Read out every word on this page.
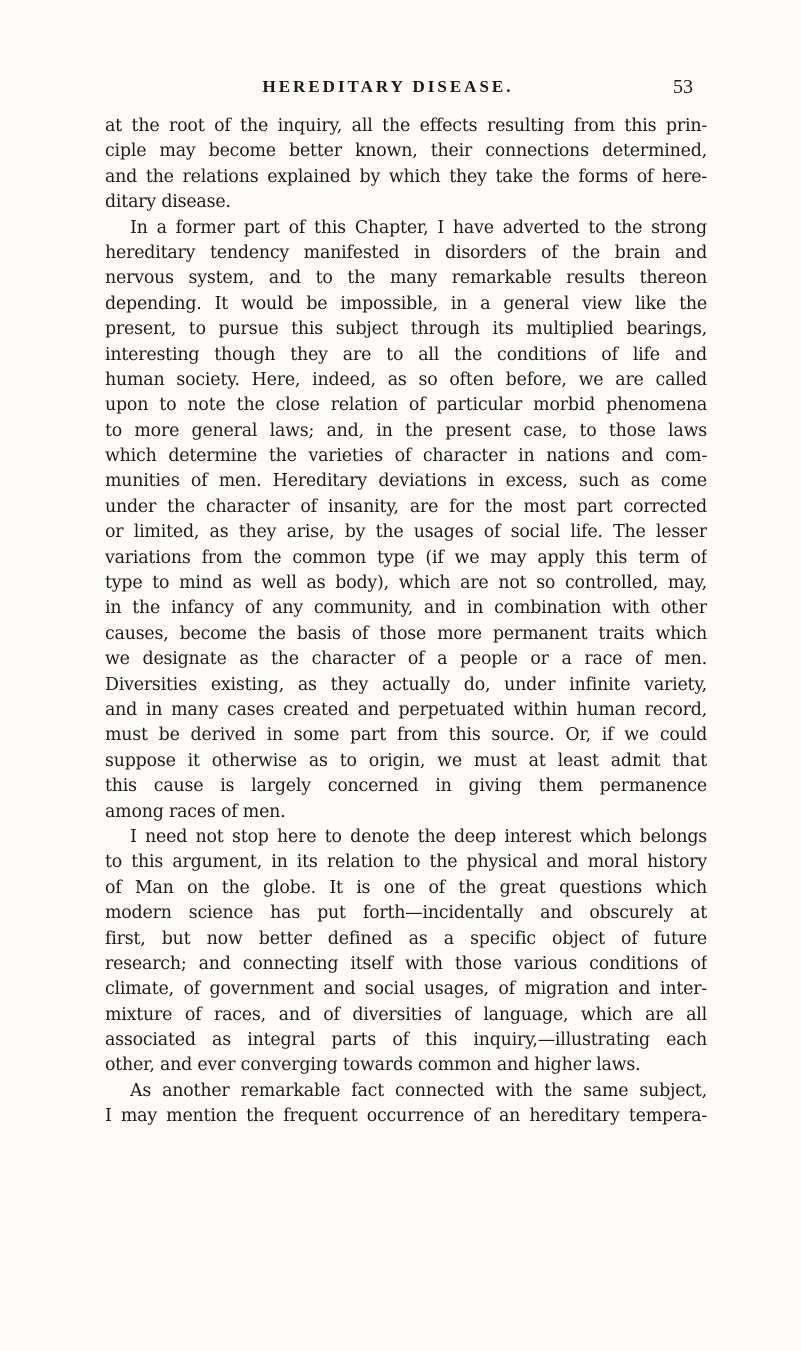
HEREDITARY DISEASE.	53
at the root of the inquiry, all the effects resulting from this prin-
ciple may become better known, their connections determined,
and the relations explained by which they take the forms of here-
ditary disease.
In a former part of this Chapter, I have adverted to the strong
hereditary tendency manifested in disorders of the brain and
nervous system, and to the many remarkable results thereon
depending. It would be impossible, in a general view like the
present, to pursue this subject through its multiplied bearings,
interesting though they are to all the conditions of life and
human society. Here, indeed, as so often before, we are called
upon to note the close relation of particular morbid phenomena
to more general laws; and, in the present case, to those laws
which determine the varieties of character in nations and com-
munities of men. Hereditary deviations in excess, such as come
under the character of insanity, are for the most part corrected
or limited, as they arise, by the usages of social life. The lesser
variations from the common type (if we may apply this term of
type to mind as well as body), which are not so controlled, may,
in the infancy of any community, and in combination with other
causes, become the basis of those more permanent traits which
we designate as the character of a people or a race of men.
Diversities existing, as they actually do, under infinite variety,
and in many cases created and perpetuated within human record,
must be derived in some part from this source. Or, if we could
suppose it otherwise as to origin, we must at least admit that
this cause is largely concerned in giving them permanence
among races of men.
I need not stop here to denote the deep interest which belongs
to this argument, in its relation to the physical and moral history
of Man on the globe. It is one of the great questions which
modern science has put forth—incidentally and obscurely at
first, but now better defined as a specific object of future
research; and connecting itself with those various conditions of
climate, of government and social usages, of migration and inter-
mixture of races, and of diversities of language, which are all
associated as integral parts of this inquiry,—illustrating each
other, and ever converging towards common and higher laws.
As another remarkable fact connected with the same subject,
I may mention the frequent occurrence of an hereditary tempera-
